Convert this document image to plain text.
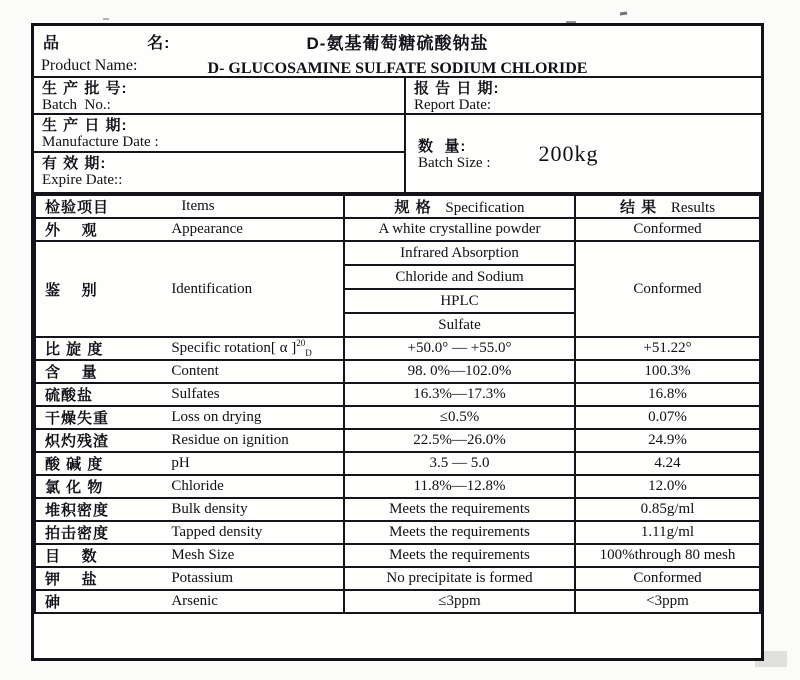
品                名:	D-氨基葡萄糖硫酸钠盐
Product Name:	D- GLUCOSAMINE SULFATE SODIUM CHLORIDE
生 产 批 号:
Batch  No.:
报 告 日 期:
Report Date:
生 产 日 期:
Manufacture Date :
有 效 期:
Expire Date::
数  量:
Batch Size : 200kg
检验项目 Items	规 格 Specification	结 果 Results

外    观 Appearance	A white crystalline powder	Conformed

鉴    别 Identification	Infrared Absorption	Conformed
	Chloride and Sodium	
	HPLC	
	Sulfate	

比 旋 度 Specific rotation[ α ]$^{20}_D$	+50.0° — +55.0°	+51.22°

含    量 Content	98. 0%—102.0%	100.3%

硫酸盐 Sulfates	16.3%—17.3%	16.8%

干燥失重 Loss on drying	≤0.5%	0.07%

炽灼残渣 Residue on ignition	22.5%—26.0%	24.9%

酸 碱 度 pH	3.5 — 5.0	4.24

氯 化 物 Chloride	11.8%—12.8%	12.0%

堆积密度 Bulk density	Meets the requirements	0.85g/ml

拍击密度 Tapped density	Meets the requirements	1.11g/ml

目    数 Mesh Size	Meets the requirements	100%through 80 mesh

钾    盐 Potassium	No precipitate is formed	Conformed

砷 Arsenic	≤3ppm	<3ppm
